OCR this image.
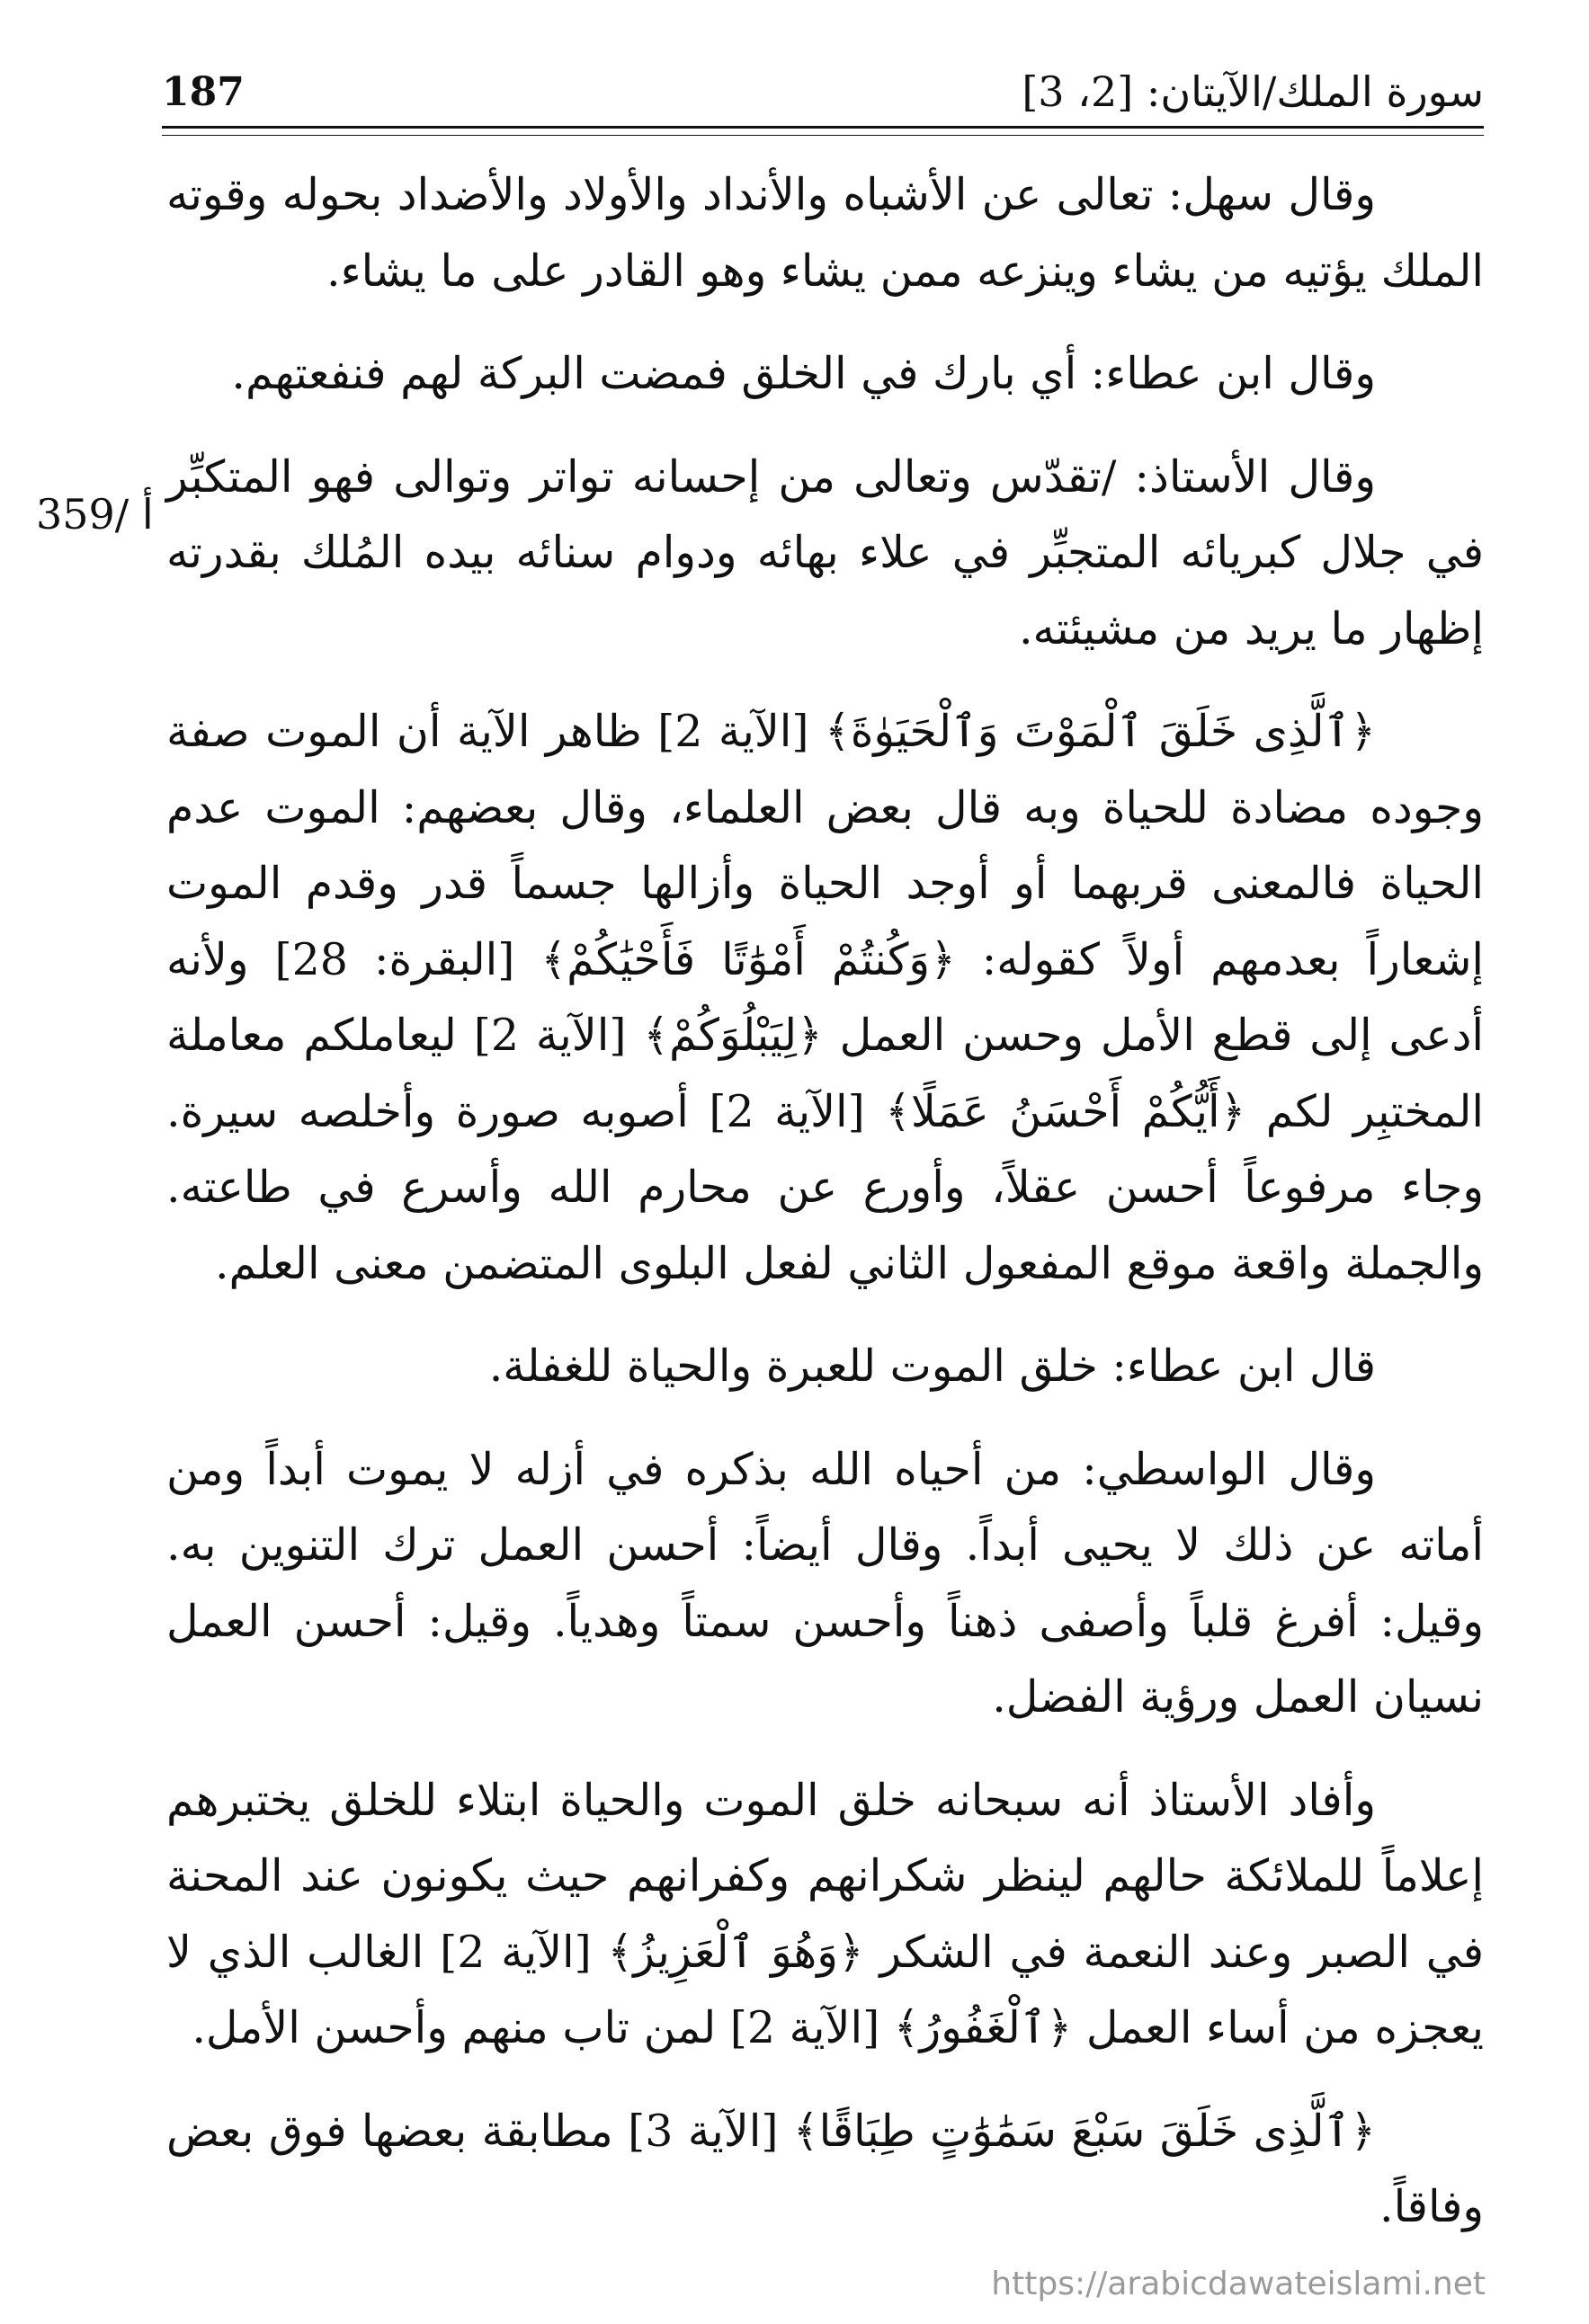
سورة الملك/الآيتان: [2، 3]
187

وقال سهل: تعالى عن الأشباه والأنداد والأولاد والأضداد بحوله وقوته الملك يؤتيه من يشاء وينزعه ممن يشاء وهو القادر على ما يشاء.

وقال ابن عطاء: أي بارك في الخلق فمضت البركة لهم فنفعتهم.

وقال الأستاذ: /تقدّس وتعالى من إحسانه تواتر وتوالى فهو المتكبِّر في جلال كبريائه المتجبِّر في علاء بهائه ودوام سنائه بيده المُلك بقدرته إظهار ما يريد من مشيئته.

﴿ٱلَّذِى خَلَقَ ٱلْمَوْتَ وَٱلْحَيَوٰةَ﴾ [الآية 2] ظاهر الآية أن الموت صفة وجوده مضادة للحياة وبه قال بعض العلماء، وقال بعضهم: الموت عدم الحياة فالمعنى قربهما أو أوجد الحياة وأزالها جسماً قدر وقدم الموت إشعاراً بعدمهم أولاً كقوله: ﴿وَكُنتُمْ أَمْوَٰتًا فَأَحْيَٰكُمْ﴾ [البقرة: 28] ولأنه أدعى إلى قطع الأمل وحسن العمل ﴿لِيَبْلُوَكُمْ﴾ [الآية 2] ليعاملكم معاملة المختبِر لكم ﴿أَيُّكُمْ أَحْسَنُ عَمَلًا﴾ [الآية 2] أصوبه صورة وأخلصه سيرة. وجاء مرفوعاً أحسن عقلاً، وأورع عن محارم الله وأسرع في طاعته. والجملة واقعة موقع المفعول الثاني لفعل البلوى المتضمن معنى العلم.

قال ابن عطاء: خلق الموت للعبرة والحياة للغفلة.

وقال الواسطي: من أحياه الله بذكره في أزله لا يموت أبداً ومن أماته عن ذلك لا يحيى أبداً. وقال أيضاً: أحسن العمل ترك التنوين به. وقيل: أفرغ قلباً وأصفى ذهناً وأحسن سمتاً وهدياً. وقيل: أحسن العمل نسيان العمل ورؤية الفضل.

وأفاد الأستاذ أنه سبحانه خلق الموت والحياة ابتلاء للخلق يختبرهم إعلاماً للملائكة حالهم لينظر شكرانهم وكفرانهم حيث يكونون عند المحنة في الصبر وعند النعمة في الشكر ﴿وَهُوَ ٱلْعَزِيزُ﴾ [الآية 2] الغالب الذي لا يعجزه من أساء العمل ﴿ٱلْغَفُورُ﴾ [الآية 2] لمن تاب منهم وأحسن الأمل.

﴿ٱلَّذِى خَلَقَ سَبْعَ سَمَٰوَٰتٍ طِبَاقًا﴾ [الآية 3] مطابقة بعضها فوق بعض وفاقاً.

359/ أ
https://arabicdawateislami.net
